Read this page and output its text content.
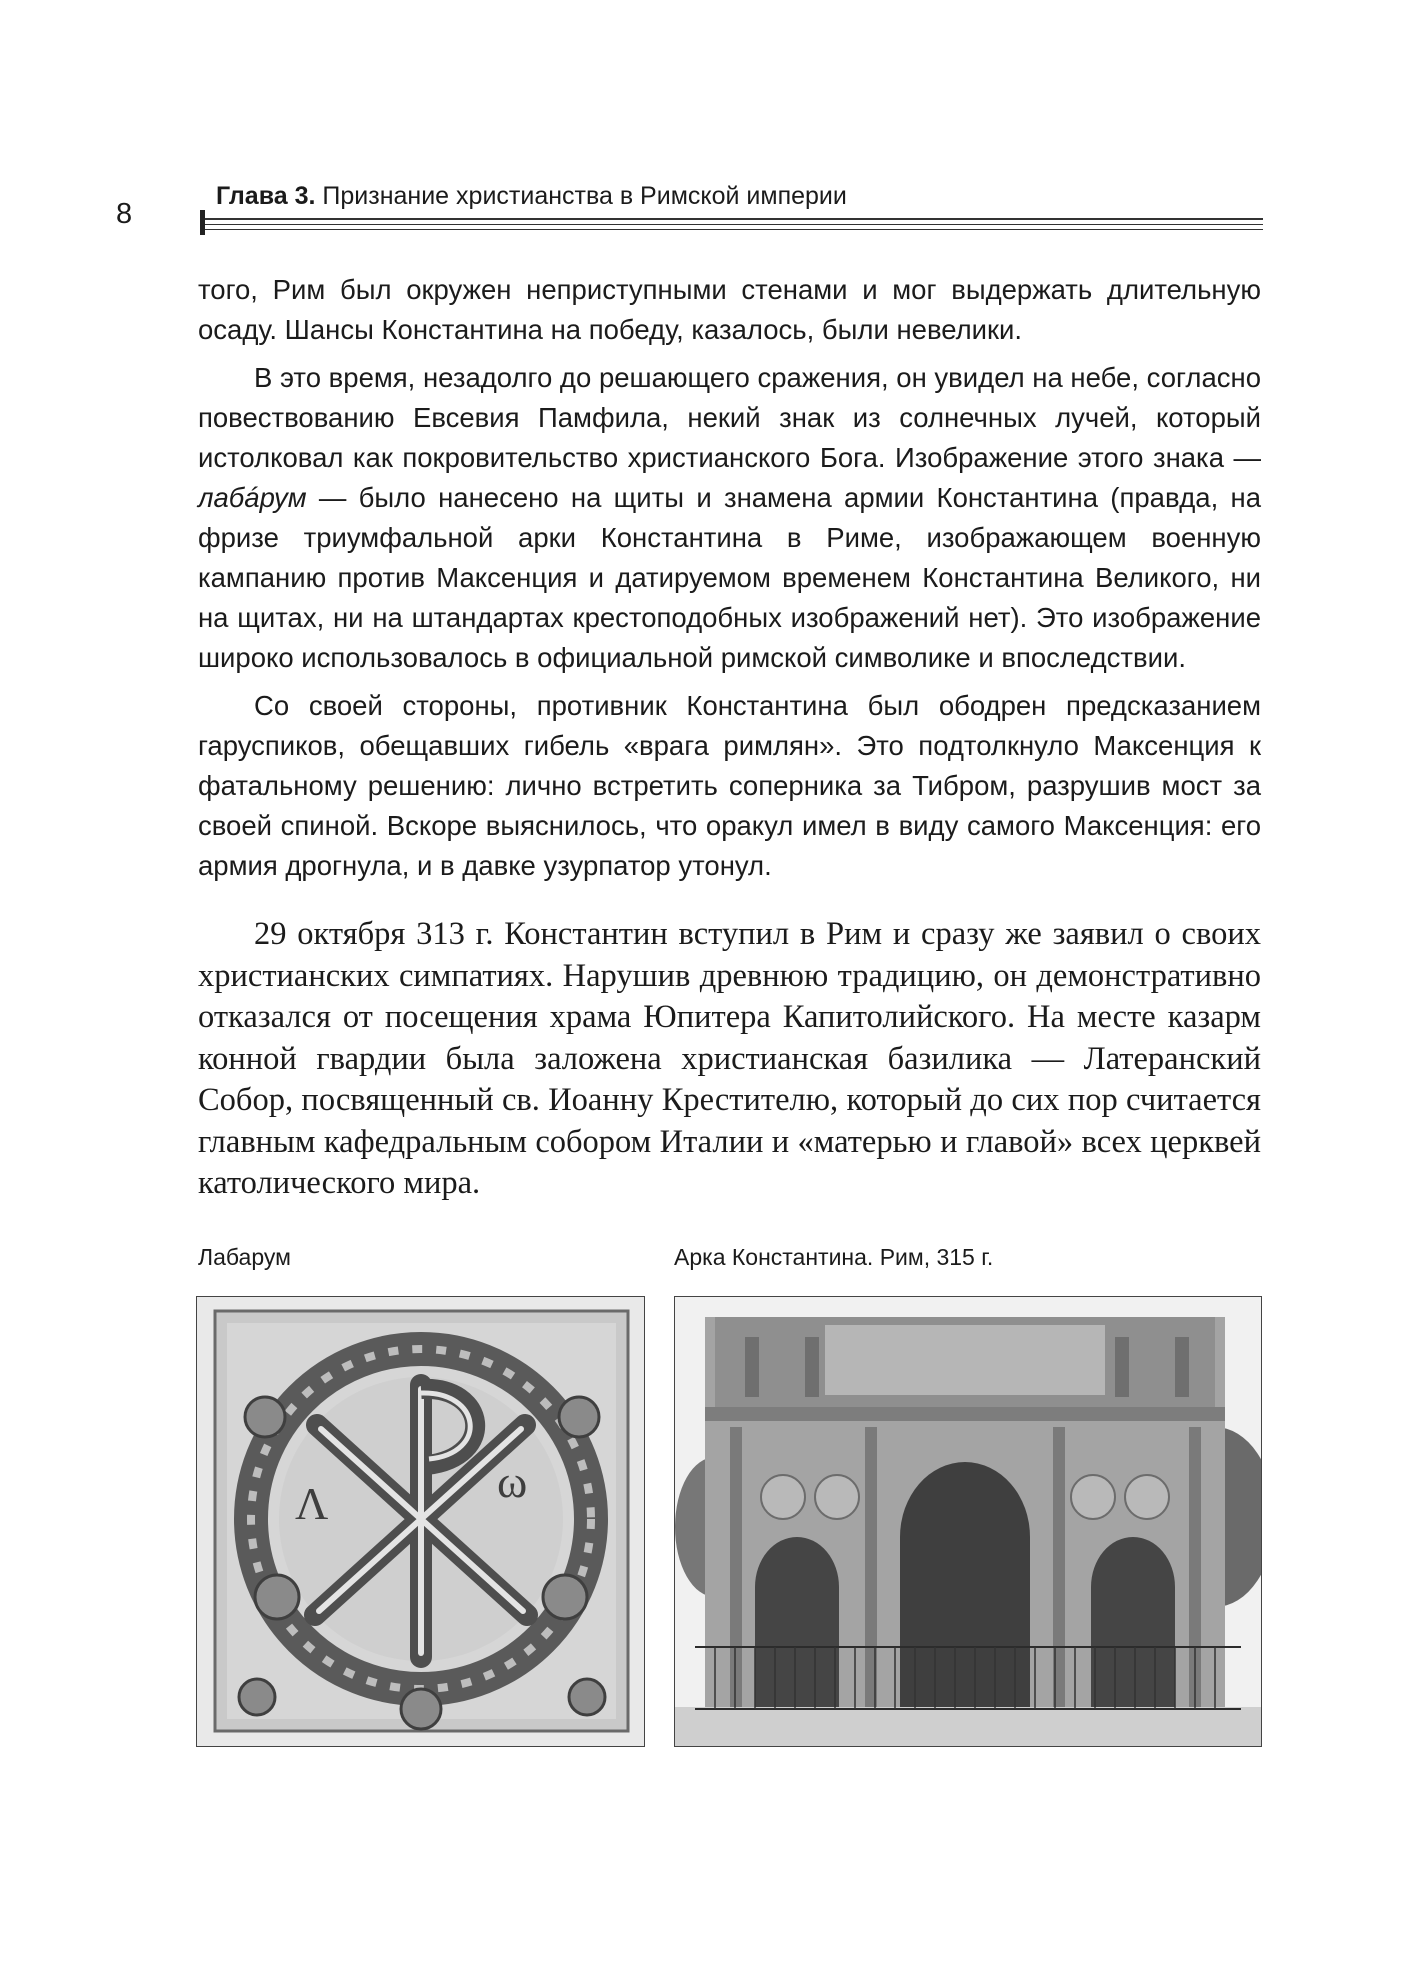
8
Глава 3. Признание христианства в Римской империи

того, Рим был окружен неприступными стенами и мог выдержать длительную осаду. Шансы Константина на победу, казалось, были невелики.

В это время, незадолго до решающего сражения, он увидел на небе, согласно повествованию Евсевия Памфила, некий знак из солнечных лучей, который истолковал как покровительство христианского Бога. Изображение этого знака — лабáрум — было нанесено на щиты и знамена армии Константина (правда, на фризе триумфальной арки Константина в Риме, изображающем военную кампанию против Максенция и датируемом временем Константина Великого, ни на щитах, ни на штандартах крестоподобных изображений нет). Это изображение широко использовалось в официальной римской символике и впоследствии.

Со своей стороны, противник Константина был ободрен предсказанием гаруспиков, обещавших гибель «врага римлян». Это подтолкнуло Максенция к фатальному решению: лично встретить соперника за Тибром, разрушив мост за своей спиной. Вскоре выяснилось, что оракул имел в виду самого Максенция: его армия дрогнула, и в давке узурпатор утонул.

29 октября 313 г. Константин вступил в Рим и сразу же заявил о своих христианских симпатиях. Нарушив древнюю традицию, он демонстративно отказался от посещения храма Юпитера Капитолийского. На месте казарм конной гвардии была заложена христианская базилика — Латеранский Собор, посвященный св. Иоанну Крестителю, который до сих пор считается главным кафедральным собором Италии и «матерью и главой» всех церквей католического мира.

Лабарум	Арка Константина. Рим, 315 г.
Λ	ω
